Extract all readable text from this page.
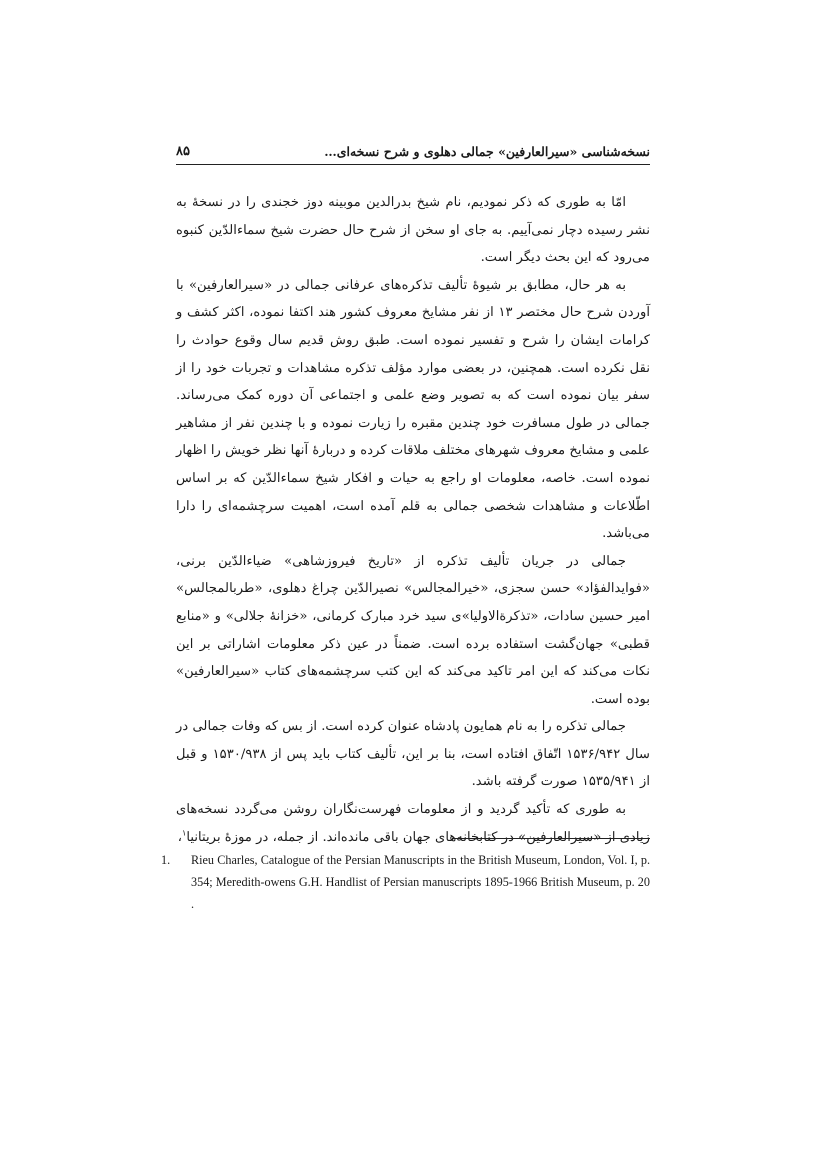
نسخه‌شناسی «سیرالعارفین» جمالی دهلوی و شرح نسخه‌ای…
۸۵

امّا به طوری که ذکر نمودیم، نام شیخ بدرالدین موبینه دوز خجندی را در نسخهٔ به نشر رسیده دچار نمی‌آییم. به جای او سخن از شرح حال حضرت شیخ سماءالدّین کنبوه می‌رود که این بحث دیگر است.

به هر حال، مطابق بر شیوهٔ تألیف تذکره‌های عرفانی جمالی در «سیرالعارفین» با آوردن شرح حال مختصر ۱۳ از نفر مشایخ معروف کشور هند اکتفا نموده، اکثر کشف و کرامات ایشان را شرح و تفسیر نموده است. طبق روش قدیم سال وقوع حوادث را نقل نکرده است. همچنین، در بعضی موارد مؤلف تذکره مشاهدات و تجربات خود را از سفر بیان نموده است که به تصویر وضع علمی و اجتماعی آن دوره کمک می‌رساند. جمالی در طول مسافرت خود چندین مقبره را زیارت نموده و با چندین نفر از مشاهیر علمی و مشایخ معروف شهرهای مختلف ملاقات کرده و دربارهٔ آنها نظر خویش را اظهار نموده است. خاصه، معلومات او راجع به حیات و افکار شیخ سماءالدّین که بر اساس اطّلاعات و مشاهدات شخصی جمالی به قلم آمده است، اهمیت سرچشمه‌ای را دارا می‌باشد.

جمالی در جریان تألیف تذکره از «تاریخ فیروزشاهی» ضیاءالدّین برنی، «فوایدالفؤاد» حسن سجزی، «خیرالمجالس» نصیرالدّین چراغ دهلوی، «طربالمجالس» امیر حسین سادات، «تذکرةالاولیا»ی سید خرد مبارک کرمانی، «خزانهٔ جلالی» و «منابع قطبی» جهان‌گشت استفاده برده است. ضمناً در عین ذکر معلومات اشاراتی بر این نکات می‌کند که این امر تاکید می‌کند که این کتب سرچشمه‌های کتاب «سیرالعارفین» بوده است.

جمالی تذکره را به نام همایون پادشاه عنوان کرده است. از بس که وفات جمالی در سال ۱۵۳۶/۹۴۲ اتّفاق افتاده است، بنا بر این، تألیف کتاب باید پس از ۱۵۳۰/۹۳۸ و قبل از ۱۵۳۵/۹۴۱ صورت گرفته باشد.

به طوری که تأکید گردید و از معلومات فهرست‌نگاران روشن می‌گردد نسخه‌های زیادی از «سیرالعارفین» در کتابخانه‌های جهان باقی مانده‌اند. از جمله، در موزهٔ بریتانیا$^۱$،

1. Rieu Charles, Catalogue of the Persian Manuscripts in the British Museum, London, Vol. I, p. 354; Meredith-owens G.H. Handlist of Persian manuscripts 1895-1966 British Museum, p. 20 .
